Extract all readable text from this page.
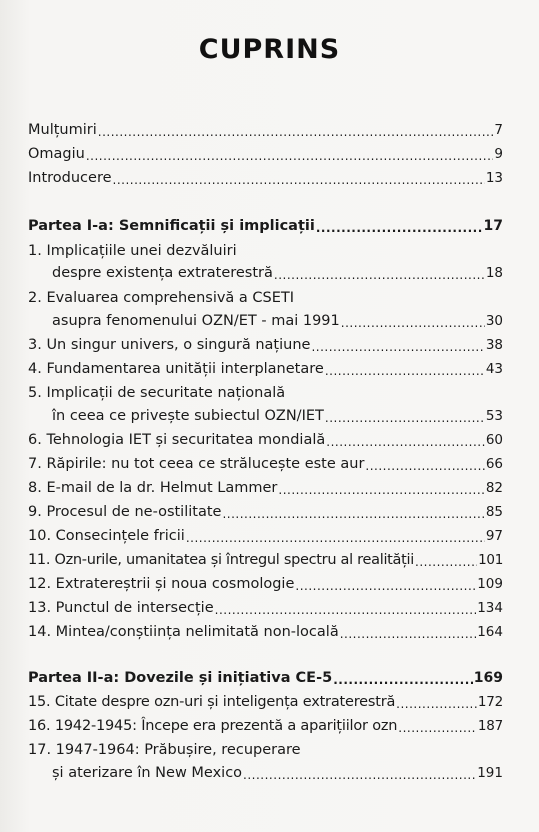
CUPRINS
Mulțumiri .....	7
Omagiu .....	9
Introducere .....	13
Partea I-a: Semnificații și implicații .....	17
1. Implicațiile unei dezvăluiri
despre existența extraterestră .....	18
2. Evaluarea comprehensivă a CSETI
asupra fenomenului OZN/ET - mai 1991 .....	30
3. Un singur univers, o singură națiune .....	38
4. Fundamentarea unității interplanetare .....	43
5. Implicații de securitate națională
în ceea ce privește subiectul OZN/IET .....	53
6. Tehnologia IET și securitatea mondială .....	60
7. Răpirile: nu tot ceea ce strălucește este aur .....	66
8. E-mail de la dr. Helmut Lammer .....	82
9. Procesul de ne-ostilitate .....	85
10. Consecințele fricii .....	97
11. Ozn-urile, umanitatea și întregul spectru al realității .....	101
12. Extratereștrii și noua cosmologie .....	109
13. Punctul de intersecție .....	134
14. Mintea/conștiința nelimitată non-locală .....	164
Partea II-a: Dovezile și inițiativa CE-5 .....	169
15. Citate despre ozn-uri și inteligența extraterestră .....	172
16. 1942-1945: Începe era prezentă a aparițiilor ozn .....	187
17. 1947-1964: Prăbușire, recuperare
și aterizare în New Mexico .....	191
